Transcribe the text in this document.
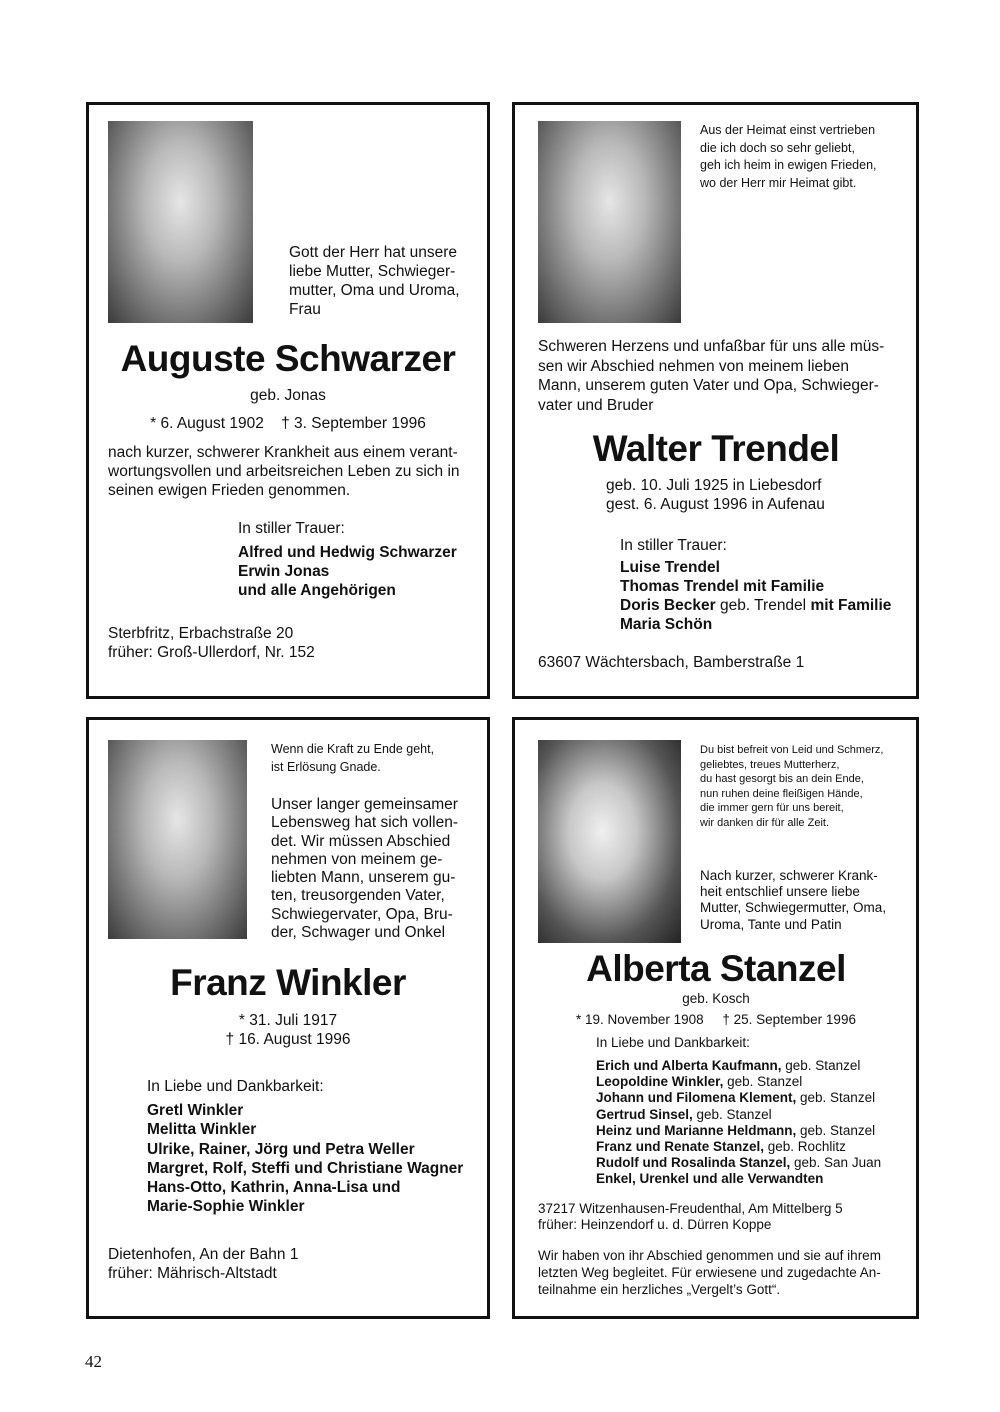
Gott der Herr hat unsere
liebe Mutter, Schwieger-
mutter, Oma und Uroma,
Frau
Auguste Schwarzer
geb. Jonas
* 6. August 1902    † 3. September 1996
nach kurzer, schwerer Krankheit aus einem verant-
wortungsvollen und arbeitsreichen Leben zu sich in
seinen ewigen Frieden genommen.
In stiller Trauer:
Alfred und Hedwig Schwarzer
Erwin Jonas
und alle Angehörigen
Sterbfritz, Erbachstraße 20
früher: Groß-Ullerdorf, Nr. 152
Aus der Heimat einst vertrieben
die ich doch so sehr geliebt,
geh ich heim in ewigen Frieden,
wo der Herr mir Heimat gibt.
Schweren Herzens und unfaßbar für uns alle müs-
sen wir Abschied nehmen von meinem lieben
Mann, unserem guten Vater und Opa, Schwieger-
vater und Bruder
Walter Trendel
geb. 10. Juli 1925 in Liebesdorf
gest. 6. August 1996 in Aufenau
In stiller Trauer:
Luise Trendel
Thomas Trendel mit Familie
Doris Becker geb. Trendel mit Familie
Maria Schön
63607 Wächtersbach, Bamberstraße 1
Wenn die Kraft zu Ende geht,
ist Erlösung Gnade.
Unser langer gemeinsamer
Lebensweg hat sich vollen-
det. Wir müssen Abschied
nehmen von meinem ge-
liebten Mann, unserem gu-
ten, treusorgenden Vater,
Schwiegervater, Opa, Bru-
der, Schwager und Onkel
Franz Winkler
* 31. Juli 1917
† 16. August 1996
In Liebe und Dankbarkeit:
Gretl Winkler
Melitta Winkler
Ulrike, Rainer, Jörg und Petra Weller
Margret, Rolf, Steffi und Christiane Wagner
Hans-Otto, Kathrin, Anna-Lisa und
Marie-Sophie Winkler
Dietenhofen, An der Bahn 1
früher: Mährisch-Altstadt
Du bist befreit von Leid und Schmerz,
geliebtes, treues Mutterherz,
du hast gesorgt bis an dein Ende,
nun ruhen deine fleißigen Hände,
die immer gern für uns bereit,
wir danken dir für alle Zeit.
Nach kurzer, schwerer Krank-
heit entschlief unsere liebe
Mutter, Schwiegermutter, Oma,
Uroma, Tante und Patin
Alberta Stanzel
geb. Kosch
* 19. November 1908     † 25. September 1996
In Liebe und Dankbarkeit:
Erich und Alberta Kaufmann, geb. Stanzel
Leopoldine Winkler, geb. Stanzel
Johann und Filomena Klement, geb. Stanzel
Gertrud Sinsel, geb. Stanzel
Heinz und Marianne Heldmann, geb. Stanzel
Franz und Renate Stanzel, geb. Rochlitz
Rudolf und Rosalinda Stanzel, geb. San Juan
Enkel, Urenkel und alle Verwandten
37217 Witzenhausen-Freudenthal, Am Mittelberg 5
früher: Heinzendorf u. d. Dürren Koppe
Wir haben von ihr Abschied genommen und sie auf ihrem
letzten Weg begleitet. Für erwiesene und zugedachte An-
teilnahme ein herzliches „Vergelt’s Gott“.
42
